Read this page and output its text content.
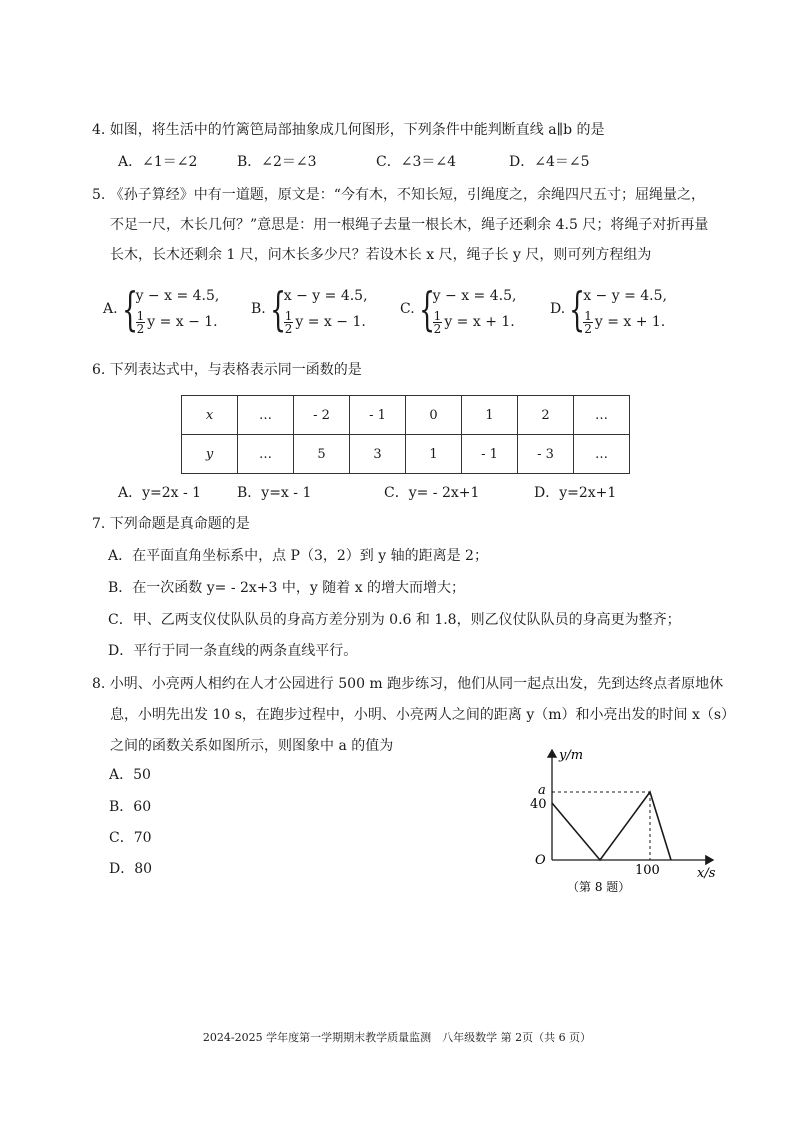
4. 如图，将生活中的竹篱笆局部抽象成几何图形，下列条件中能判断直线 a∥b 的是
A．∠1＝∠2	B．∠2＝∠3	C．∠3＝∠4	D．∠4＝∠5
5. 《孙子算经》中有一道题，原文是：“今有木，不知长短，引绳度之，余绳四尺五寸；屈绳量之，
不足一尺，木长几何？”意思是：用一根绳子去量一根长木，绳子还剩余 4.5 尺；将绳子对折再量
长木，长木还剩余 1 尺，问木长多少尺？若设木长 x 尺，绳子长 y 尺，则可列方程组为
A. {
y − x = 4.5,
$\frac{1}{2}$ y = x − 1.
B. {
x − y = 4.5,
$\frac{1}{2}$ y = x − 1.
C. {
y − x = 4.5,
$\frac{1}{2}$ y = x + 1.
D. {
x − y = 4.5,
$\frac{1}{2}$ y = x + 1.
6. 下列表达式中，与表格表示同一函数的是
x	…	- 2	- 1	0	1	2	…
y	…	5	3	1	- 1	- 3	…
A．y=2x - 1	B．y=x - 1	C．y= - 2x+1	D．y=2x+1
7. 下列命题是真命题的是
A．在平面直角坐标系中，点 P（3，2）到 y 轴的距离是 2；
B．在一次函数 y= - 2x+3 中，y 随着 x 的增大而增大；
C．甲、乙两支仪仗队队员的身高方差分别为 0.6 和 1.8，则乙仪仗队队员的身高更为整齐；
D．平行于同一条直线的两条直线平行。
8. 小明、小亮两人相约在人才公园进行 500 m 跑步练习，他们从同一起点出发，先到达终点者原地休
息，小明先出发 10 s，在跑步过程中，小明、小亮两人之间的距离 y（m）和小亮出发的时间 x（s）
之间的函数关系如图所示，则图象中 a 的值为
A．50
B．60
C．70
D．80
y/m
x/s
O
a
40
100
（第 8 题）
2024-2025 学年度第一学期期末教学质量监测　八年级数学 第 2页（共 6 页）
